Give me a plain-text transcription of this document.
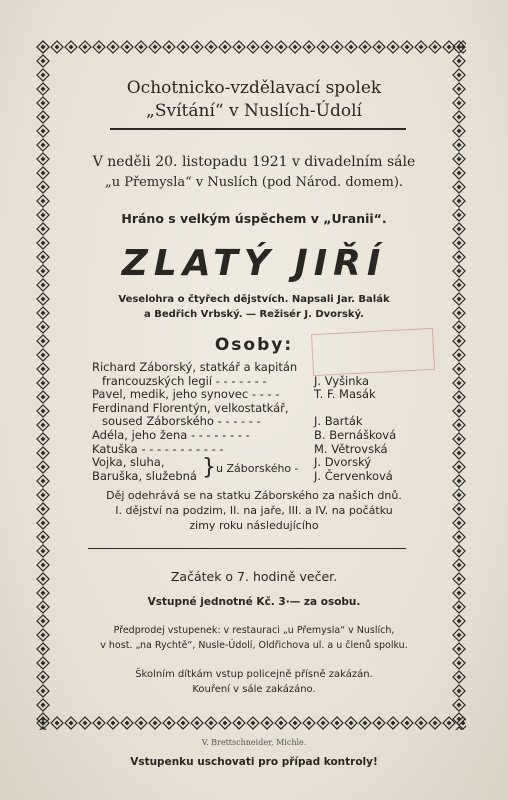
Ochotnicko-vzdělavací spolek
„Svítání“ v Nuslích-Údolí
V neděli 20. listopadu 1921 v divadelním sále
„u Přemysla“ v Nuslích (pod Národ. domem).
Hráno s velkým úspěchem v „Uranii“.
ZLATÝ JIŘÍ
Veselohra o čtyřech dějstvích. Napsali Jar. Balák
a Bedřich Vrbský. — Režisér J. Dvorský.
Osoby:
Richard Záborský, statkář a kapitán
francouzských legií - - - - - - -	J. Vyšinka
Pavel, medik, jeho synovec - - - -	T. F. Masák
Ferdinand Florentýn, velkostatkář,
soused Záborského - - - - - -	J. Barták
Adéla, jeho žena - - - - - - - -	B. Bernášková
Katuška - - - - - - - - - - -	M. Větrovská
Vojka, sluha,	J. Dvorský
Baruška, služebná	J. Červenková
} u Záborského -
Děj odehrává se na statku Záborského za našich dnů.
I. dějství na podzim, II. na jaře, III. a IV. na počátku
zimy roku následujícího
Začátek o 7. hodině večer.
Vstupné jednotné Kč. 3·— za osobu.
Předprodej vstupenek: v restauraci „u Přemysla“ v Nuslích,
v host. „na Rychtě“, Nusle-Údolí, Oldřichova ul. a u členů spolku.
Školním dítkám vstup policejně přísně zakázán.
Kouření v sále zakázáno.
V. Brettschneider, Michle.
Vstupenku uschovati pro případ kontroly!
